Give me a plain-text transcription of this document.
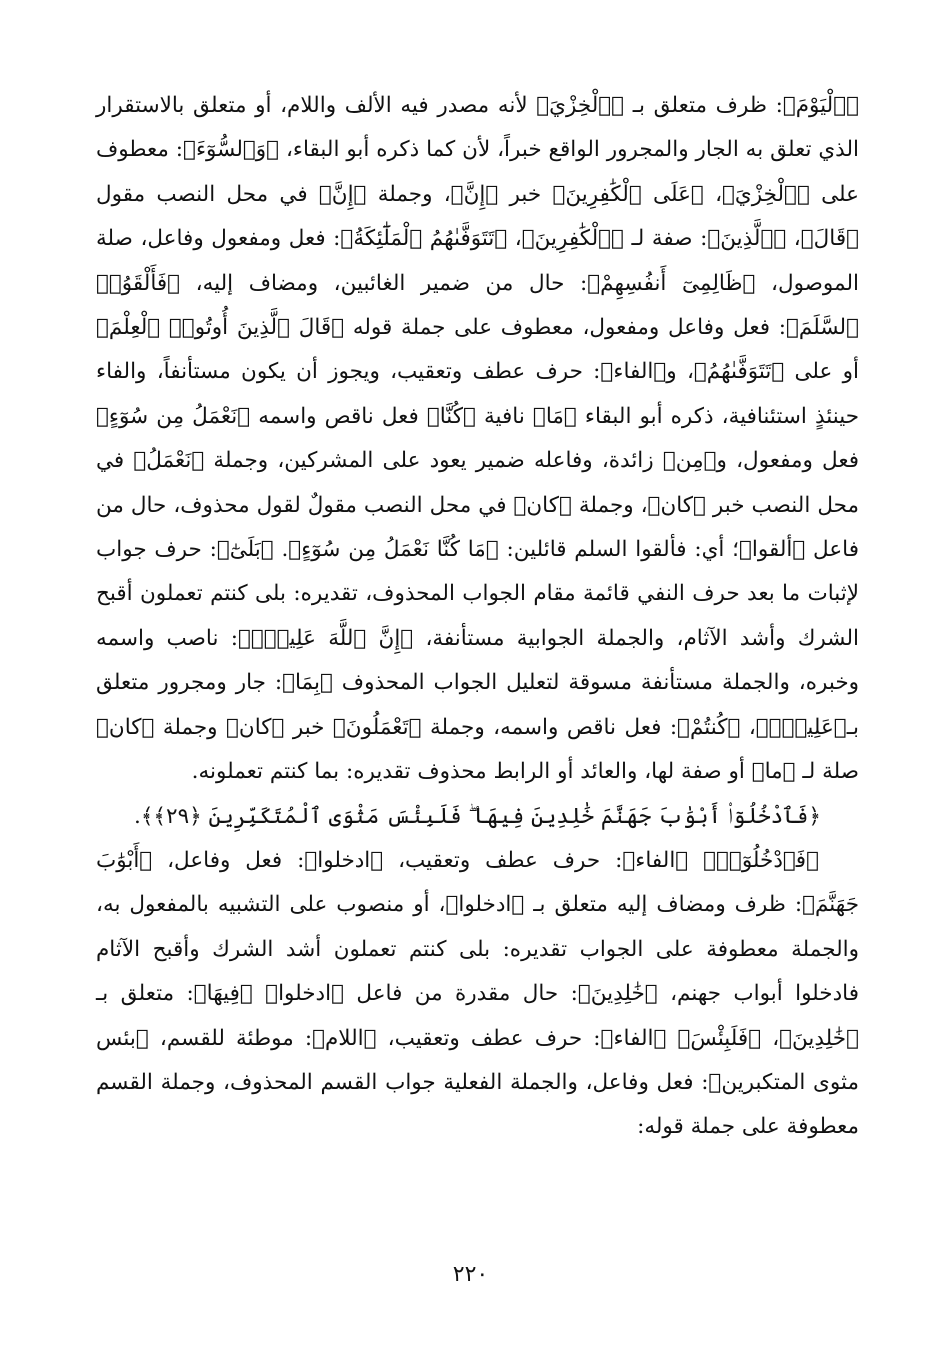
﴿ٱلْيَوْمَ﴾: ظرف متعلق بـ ﴿ٱلْخِزْيَ﴾ لأنه مصدر فيه الألف واللام، أو متعلق بالاستقرار الذي تعلق به الجار والمجرور الواقع خبراً، لأن كما ذكره أبو البقاء، ﴿وَٱلسُّوٓءَ﴾: معطوف على ﴿ٱلْخِزْيَ﴾، ﴿عَلَى ٱلْكَٰفِرِينَ﴾ خبر ﴿إِنَّ﴾، وجملة ﴿إِنَّ﴾ في محل النصب مقول ﴿قَالَ﴾، ﴿ٱلَّذِينَ﴾: صفة لـ ﴿ٱلْكَٰفِرِينَ﴾، ﴿تَتَوَفَّىٰهُمُ ٱلْمَلَٰٓئِكَةُ﴾: فعل ومفعول وفاعل، صلة الموصول، ﴿ظَالِمِىٓ أَنفُسِهِمْ﴾: حال من ضمير الغائبين، ومضاف إليه، ﴿فَأَلْقَوُا۟ ٱلسَّلَمَ﴾: فعل وفاعل ومفعول، معطوف على جملة قوله ﴿قَالَ ٱلَّذِينَ أُوتُوا۟ ٱلْعِلْمَ﴾ أو على ﴿تَتَوَفَّىٰهُمُ﴾، و﴿الفاء﴾: حرف عطف وتعقيب، ويجوز أن يكون مستأنفاً، والفاء حينئذٍ استئنافية، ذكره أبو البقاء ﴿مَا﴾ نافية ﴿كُنَّا﴾ فعل ناقص واسمه ﴿نَعْمَلُ مِن سُوٓءٍ﴾ فعل ومفعول، و﴿مِن﴾ زائدة، وفاعله ضمير يعود على المشركين، وجملة ﴿نَعْمَلُ﴾ في محل النصب خبر ﴿كان﴾، وجملة ﴿كان﴾ في محل النصب مقولٌ لقول محذوف، حال من فاعل ﴿ألقوا﴾؛ أي: فألقوا السلم قائلين: ﴿مَا كُنَّا نَعْمَلُ مِن سُوٓءٍ﴾. ﴿بَلَىٰٓ﴾: حرف جواب لإثبات ما بعد حرف النفي قائمة مقام الجواب المحذوف، تقديره: بلى كنتم تعملون أقبح الشرك وأشد الآثام، والجملة الجوابية مستأنفة، ﴿إِنَّ ٱللَّهَ عَلِيمٌۢ﴾: ناصب واسمه وخبره، والجملة مستأنفة مسوقة لتعليل الجواب المحذوف ﴿بِمَا﴾: جار ومجرور متعلق بـ﴿عَلِيمٌۢ﴾، ﴿كُنتُمْ﴾: فعل ناقص واسمه، وجملة ﴿تَعْمَلُونَ﴾ خبر ﴿كان﴾ وجملة ﴿كان﴾ صلة لـ ﴿ما﴾ أو صفة لها، والعائد أو الرابط محذوف تقديره: بما كنتم تعملونه.

﴿فَٱدْخُلُوٓا۟ أَبْوَٰبَ جَهَنَّمَ خَٰلِدِينَ فِيهَا ۖ فَلَبِئْسَ مَثْوَى ٱلْمُتَكَبِّرِينَ ﴿٢٩﴾﴾.

﴿فَٱدْخُلُوٓا۟﴾ ﴿الفاء﴾: حرف عطف وتعقيب، ﴿ادخلوا﴾: فعل وفاعل، ﴿أَبْوَٰبَ جَهَنَّمَ﴾: ظرف ومضاف إليه متعلق بـ ﴿ادخلوا﴾، أو منصوب على التشبيه بالمفعول به، والجملة معطوفة على الجواب تقديره: بلى كنتم تعملون أشد الشرك وأقبح الآثام فادخلوا أبواب جهنم، ﴿خَٰلِدِينَ﴾: حال مقدرة من فاعل ﴿ادخلوا﴾ ﴿فِيهَا﴾: متعلق بـ ﴿خَٰلِدِينَ﴾، ﴿فَلَبِئْسَ﴾ ﴿الفاء﴾: حرف عطف وتعقيب، ﴿اللام﴾: موطئة للقسم، ﴿بئس مثوى المتكبرين﴾: فعل وفاعل، والجملة الفعلية جواب القسم المحذوف، وجملة القسم معطوفة على جملة قوله:

٢٢٠
